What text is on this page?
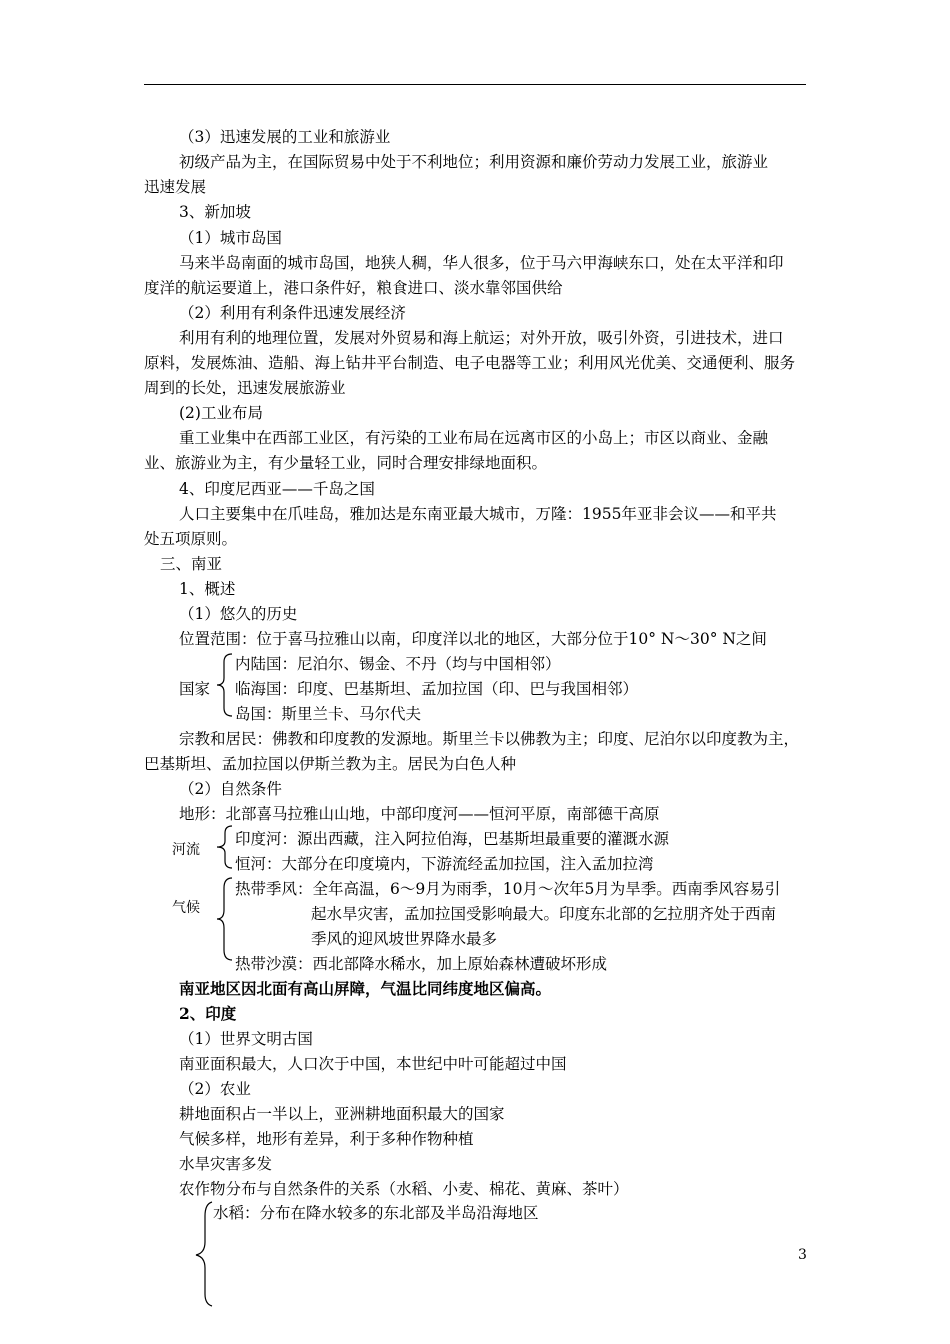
（3）迅速发展的工业和旅游业
初级产品为主，在国际贸易中处于不利地位；利用资源和廉价劳动力发展工业，旅游业
迅速发展
3、新加坡
（1）城市岛国
马来半岛南面的城市岛国，地狭人稠，华人很多，位于马六甲海峡东口，处在太平洋和印
度洋的航运要道上，港口条件好，粮食进口、淡水靠邻国供给
（2）利用有利条件迅速发展经济
利用有利的地理位置，发展对外贸易和海上航运；对外开放，吸引外资，引进技术，进口
原料，发展炼油、造船、海上钻井平台制造、电子电器等工业；利用风光优美、交通便利、服务
周到的长处，迅速发展旅游业
(2)工业布局
重工业集中在西部工业区，有污染的工业布局在远离市区的小岛上；市区以商业、金融
业、旅游业为主，有少量轻工业，同时合理安排绿地面积。
4、印度尼西亚——千岛之国
人口主要集中在爪哇岛，雅加达是东南亚最大城市，万隆：1955年亚非会议——和平共
处五项原则。
三、南亚
1、概述
（1）悠久的历史
位置范围：位于喜马拉雅山以南，印度洋以北的地区，大部分位于10° N～30° N之间
内陆国：尼泊尔、锡金、不丹（均与中国相邻）
国家 临海国：印度、巴基斯坦、孟加拉国（印、巴与我国相邻）
岛国：斯里兰卡、马尔代夫
宗教和居民：佛教和印度教的发源地。斯里兰卡以佛教为主；印度、尼泊尔以印度教为主，
巴基斯坦、孟加拉国以伊斯兰教为主。居民为白色人种
（2）自然条件
地形：北部喜马拉雅山山地，中部印度河——恒河平原，南部德干高原
河流
印度河：源出西藏，注入阿拉伯海，巴基斯坦最重要的灌溉水源
恒河：大部分在印度境内，下游流经孟加拉国，注入孟加拉湾
热带季风：全年高温，6～9月为雨季，10月～次年5月为旱季。西南季风容易引
气候	起水旱灾害，孟加拉国受影响最大。印度东北部的乞拉朋齐处于西南
季风的迎风坡世界降水最多
热带沙漠：西北部降水稀水，加上原始森林遭破坏形成
南亚地区因北面有高山屏障，气温比同纬度地区偏高。
2、印度
（1）世界文明古国
南亚面积最大，人口次于中国，本世纪中叶可能超过中国
（2）农业
耕地面积占一半以上，亚洲耕地面积最大的国家
气候多样，地形有差异，利于多种作物种植
水旱灾害多发
农作物分布与自然条件的关系（水稻、小麦、棉花、黄麻、茶叶）
水稻：分布在降水较多的东北部及半岛沿海地区
3
